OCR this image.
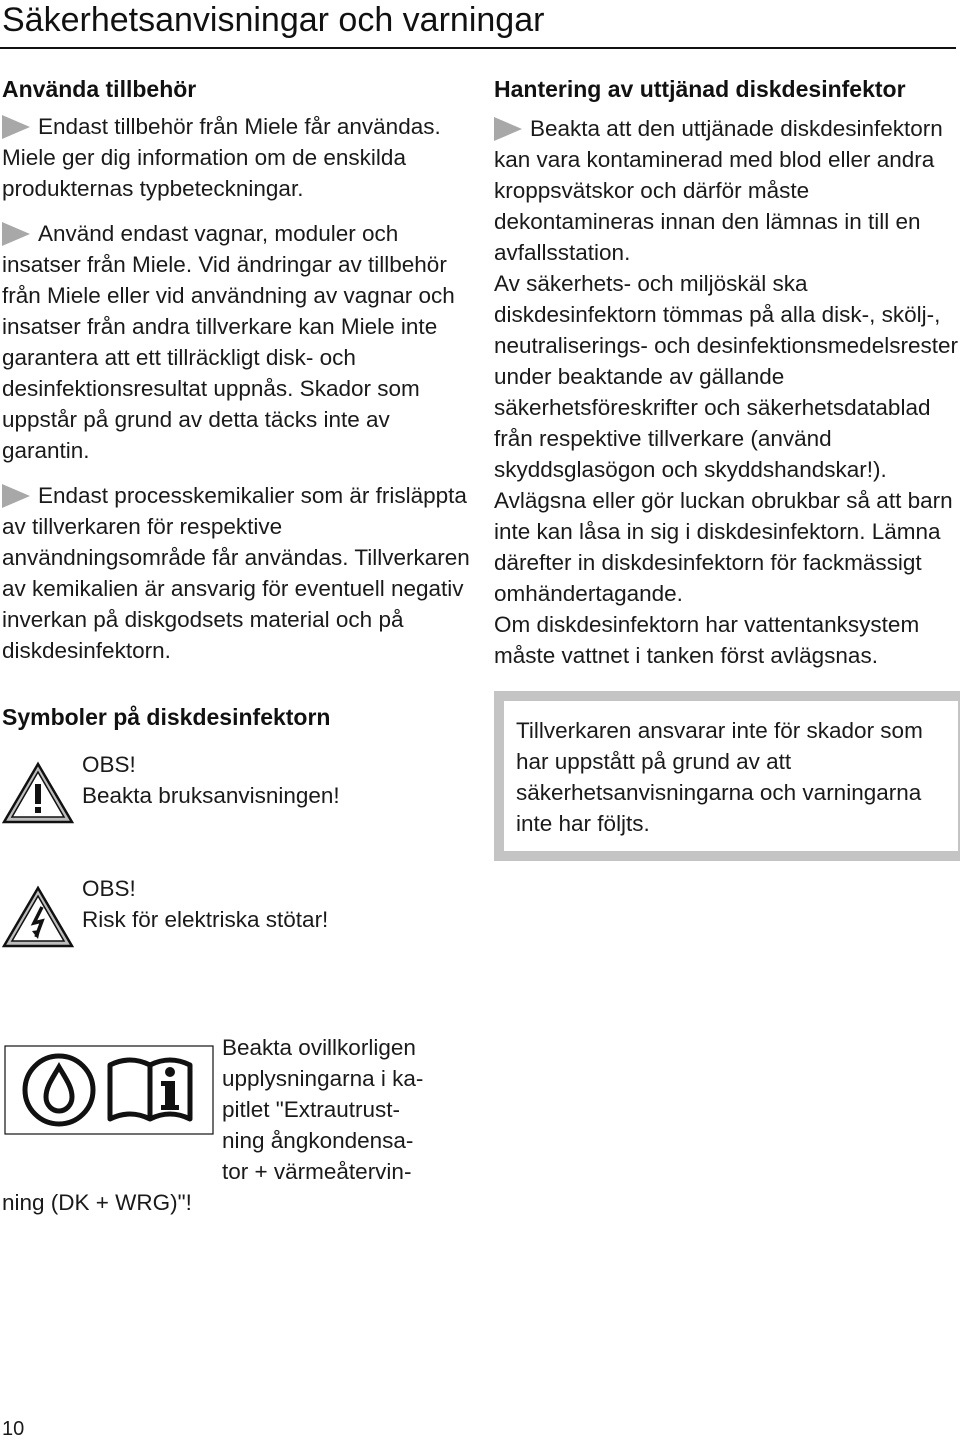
Säkerhetsanvisningar och varningar
Använda tillbehör

Endast tillbehör från Miele får användas. Miele ger dig information om de enskilda produkternas typbeteckningar.

Använd endast vagnar, moduler och insatser från Miele. Vid ändringar av tillbehör från Miele eller vid användning av vagnar och insatser från andra tillverkare kan Miele inte garantera att ett tillräckligt disk- och desinfektionsresultat uppnås. Skador som uppstår på grund av detta täcks inte av garantin.

Endast processkemikalier som är frisläppta av tillverkaren för respektive användningsområde får användas. Tillverkaren av kemikalien är ansvarig för eventuell negativ inverkan på diskgodsets material och på diskdesinfektorn.

Symboler på diskdesinfektorn

OBS!

Beakta bruksanvisningen!

OBS!

Risk för elektriska stötar!

Hantering av uttjänad diskdesinfektor

Beakta att den uttjänade diskdesinfektorn kan vara kontaminerad med blod eller andra kroppsvätskor och därför måste dekontamineras innan den lämnas in till en avfallsstation.

Av säkerhets- och miljöskäl ska diskdesinfektorn tömmas på alla disk-, skölj-, neutraliserings- och desinfektionsmedelsrester under beaktande av gällande säkerhetsföreskrifter och säkerhetsdatablad från respektive tillverkare (använd skyddsglasögon och skyddshandskar!).

Avlägsna eller gör luckan obrukbar så att barn inte kan låsa in sig i diskdesinfektorn. Lämna därefter in diskdesinfektorn för fackmässigt omhändertagande.

Om diskdesinfektorn har vattentanksystem måste vattnet i tanken först avlägsnas.

Tillverkaren ansvarar inte för skador som har uppstått på grund av att säkerhetsanvisningarna och varningarna inte har följts.

Beakta ovillkorligen
upplysningarna i ka-
pitlet "Extrautrust-
ning ångkondensa-
tor + värmeåtervin-
ning (DK + WRG)"!
10
